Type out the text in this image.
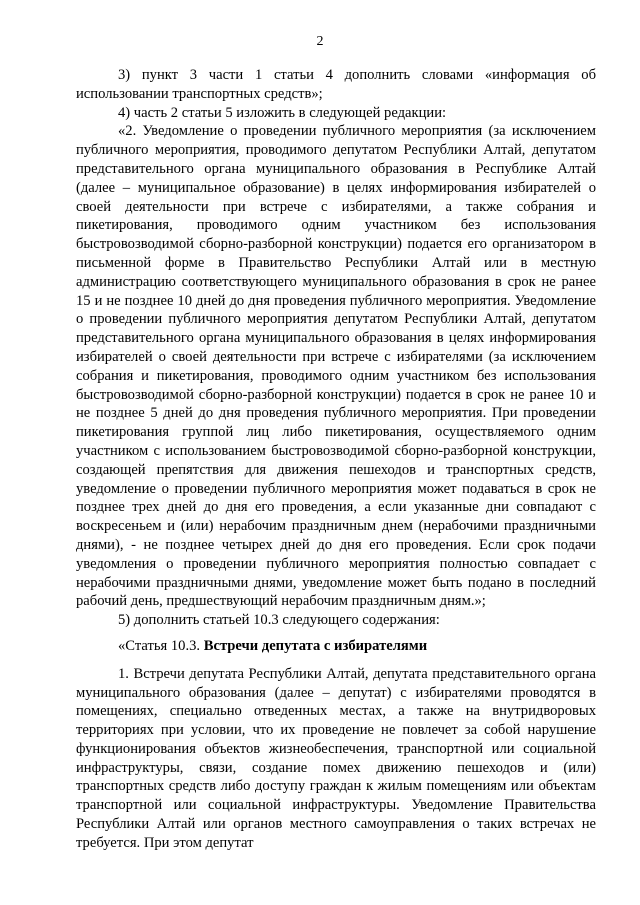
2

3) пункт 3 части 1 статьи 4 дополнить словами «информация об использовании транспортных средств»;

4) часть 2 статьи 5 изложить в следующей редакции:

«2. Уведомление о проведении публичного мероприятия (за исключением публичного мероприятия, проводимого депутатом Республики Алтай, депутатом представительного органа муниципального образования в Республике Алтай (далее – муниципальное образование) в целях информирования избирателей о своей деятельности при встрече с избирателями, а также собрания и пикетирования, проводимого одним участником без использования быстровозводимой сборно-разборной конструкции) подается его организатором в письменной форме в Правительство Республики Алтай или в местную администрацию соответствующего муниципального образования в срок не ранее 15 и не позднее 10 дней до дня проведения публичного мероприятия. Уведомление о проведении публичного мероприятия депутатом Республики Алтай, депутатом представительного органа муниципального образования в целях информирования избирателей о своей деятельности при встрече с избирателями (за исключением собрания и пикетирования, проводимого одним участником без использования быстровозводимой сборно-разборной конструкции) подается в срок не ранее 10 и не позднее 5 дней до дня проведения публичного мероприятия. При проведении пикетирования группой лиц либо пикетирования, осуществляемого одним участником с использованием быстровозводимой сборно-разборной конструкции, создающей препятствия для движения пешеходов и транспортных средств, уведомление о проведении публичного мероприятия может подаваться в срок не позднее трех дней до дня его проведения, а если указанные дни совпадают с воскресеньем и (или) нерабочим праздничным днем (нерабочими праздничными днями), - не позднее четырех дней до дня его проведения. Если срок подачи уведомления о проведении публичного мероприятия полностью совпадает с нерабочими праздничными днями, уведомление может быть подано в последний рабочий день, предшествующий нерабочим праздничным дням.»;

5) дополнить статьей 10.3 следующего содержания:

«Статья 10.3. Встречи депутата с избирателями

1. Встречи депутата Республики Алтай, депутата представительного органа муниципального образования (далее – депутат) с избирателями проводятся в помещениях, специально отведенных местах, а также на внутридворовых территориях при условии, что их проведение не повлечет за собой нарушение функционирования объектов жизнеобеспечения, транспортной или социальной инфраструктуры, связи, создание помех движению пешеходов и (или) транспортных средств либо доступу граждан к жилым помещениям или объектам транспортной или социальной инфраструктуры. Уведомление Правительства Республики Алтай или органов местного самоуправления о таких встречах не требуется. При этом депутат
